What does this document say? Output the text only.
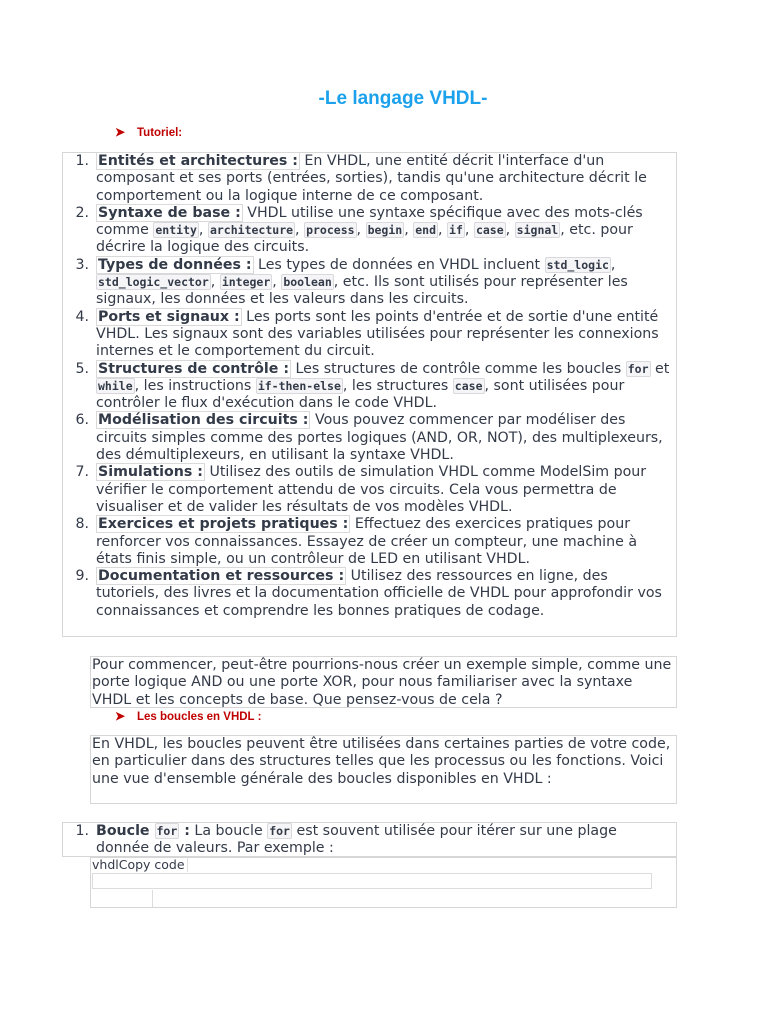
-Le langage VHDL-
➤ Tutoriel:
1. Entités et architectures : En VHDL, une entité décrit l'interface d'un composant et ses ports (entrées, sorties), tandis qu'une architecture décrit le comportement ou la logique interne de ce composant.
2. Syntaxe de base : VHDL utilise une syntaxe spécifique avec des mots-clés comme entity , architecture , process , begin , end , if , case , signal , etc. pour décrire la logique des circuits.
3. Types de données : Les types de données en VHDL incluent std_logic , std_logic_vector , integer , boolean , etc. Ils sont utilisés pour représenter les signaux, les données et les valeurs dans les circuits.
4. Ports et signaux : Les ports sont les points d'entrée et de sortie d'une entité VHDL. Les signaux sont des variables utilisées pour représenter les connexions internes et le comportement du circuit.
5. Structures de contrôle : Les structures de contrôle comme les boucles for et while , les instructions if-then-else , les structures case , sont utilisées pour contrôler le flux d'exécution dans le code VHDL.
6. Modélisation des circuits : Vous pouvez commencer par modéliser des circuits simples comme des portes logiques (AND, OR, NOT), des multiplexeurs, des démultiplexeurs, en utilisant la syntaxe VHDL.
7. Simulations : Utilisez des outils de simulation VHDL comme ModelSim pour vérifier le comportement attendu de vos circuits. Cela vous permettra de visualiser et de valider les résultats de vos modèles VHDL.
8. Exercices et projets pratiques : Effectuez des exercices pratiques pour renforcer vos connaissances. Essayez de créer un compteur, une machine à états finis simple, ou un contrôleur de LED en utilisant VHDL.
9. Documentation et ressources : Utilisez des ressources en ligne, des tutoriels, des livres et la documentation officielle de VHDL pour approfondir vos connaissances et comprendre les bonnes pratiques de codage.
Pour commencer, peut-être pourrions-nous créer un exemple simple, comme une porte logique AND ou une porte XOR, pour nous familiariser avec la syntaxe VHDL et les concepts de base. Que pensez-vous de cela ?
➤ Les boucles en VHDL :
En VHDL, les boucles peuvent être utilisées dans certaines parties de votre code, en particulier dans des structures telles que les processus ou les fonctions. Voici une vue d'ensemble générale des boucles disponibles en VHDL :
1. Boucle for : La boucle for est souvent utilisée pour itérer sur une plage donnée de valeurs. Par exemple :
vhdlCopy code
